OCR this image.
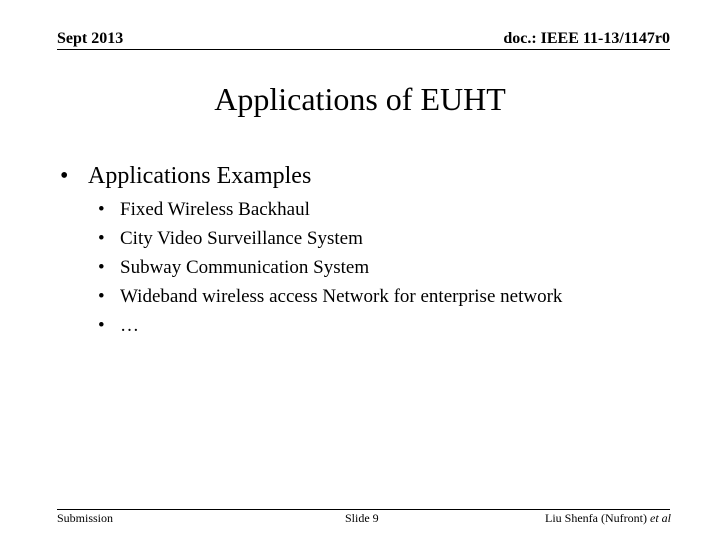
Sept 2013	doc.: IEEE 11-13/1147r0
Applications of EUHT
• Applications Examples
• Fixed Wireless Backhaul
• City Video Surveillance System
• Subway Communication System
• Wideband wireless access Network for enterprise network
• …
Submission	Slide 9	Liu Shenfa (Nufront) et al
